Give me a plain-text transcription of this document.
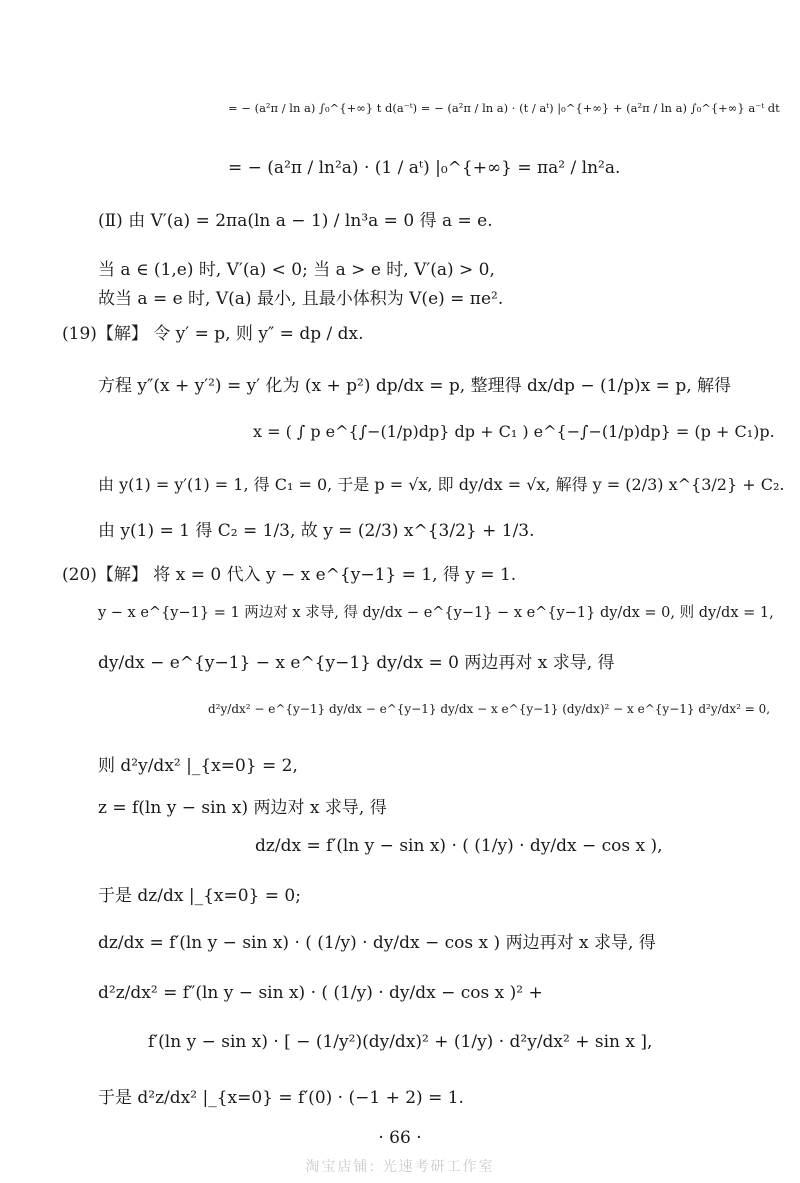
= − (a²π / ln a) ∫₀^{+∞} t d(a⁻ᵗ) = − (a²π / ln a) · (t / aᵗ) |₀^{+∞} + (a²π / ln a) ∫₀^{+∞} a⁻ᵗ dt
= − (a²π / ln²a) · (1 / aᵗ) |₀^{+∞} = πa² / ln²a.
(Ⅱ) 由 V′(a) = 2πa(ln a − 1) / ln³a = 0 得 a = e.
当 a ∈ (1,e) 时, V′(a) < 0; 当 a > e 时, V′(a) > 0,
故当 a = e 时, V(a) 最小, 且最小体积为 V(e) = πe².
(19)【解】 令 y′ = p, 则 y″ = dp / dx.
方程 y″(x + y′²) = y′ 化为 (x + p²) dp/dx = p, 整理得 dx/dp − (1/p)x = p, 解得
x = ( ∫ p e^{∫−(1/p)dp} dp + C₁ ) e^{−∫−(1/p)dp} = (p + C₁)p.
由 y(1) = y′(1) = 1, 得 C₁ = 0, 于是 p = √x, 即 dy/dx = √x, 解得 y = (2/3) x^{3/2} + C₂.
由 y(1) = 1 得 C₂ = 1/3, 故 y = (2/3) x^{3/2} + 1/3.
(20)【解】 将 x = 0 代入 y − x e^{y−1} = 1, 得 y = 1.
y − x e^{y−1} = 1 两边对 x 求导, 得 dy/dx − e^{y−1} − x e^{y−1} dy/dx = 0, 则 dy/dx = 1,
dy/dx − e^{y−1} − x e^{y−1} dy/dx = 0 两边再对 x 求导, 得
d²y/dx² − e^{y−1} dy/dx − e^{y−1} dy/dx − x e^{y−1} (dy/dx)² − x e^{y−1} d²y/dx² = 0,
则 d²y/dx² |_{x=0} = 2,
z = f(ln y − sin x) 两边对 x 求导, 得
dz/dx = f′(ln y − sin x) · ( (1/y) · dy/dx − cos x ),
于是 dz/dx |_{x=0} = 0;
dz/dx = f′(ln y − sin x) · ( (1/y) · dy/dx − cos x ) 两边再对 x 求导, 得
d²z/dx² = f″(ln y − sin x) · ( (1/y) · dy/dx − cos x )² +
f′(ln y − sin x) · [ − (1/y²)(dy/dx)² + (1/y) · d²y/dx² + sin x ],
于是 d²z/dx² |_{x=0} = f′(0) · (−1 + 2) = 1.
· 66 ·
淘宝店铺: 光速考研工作室
